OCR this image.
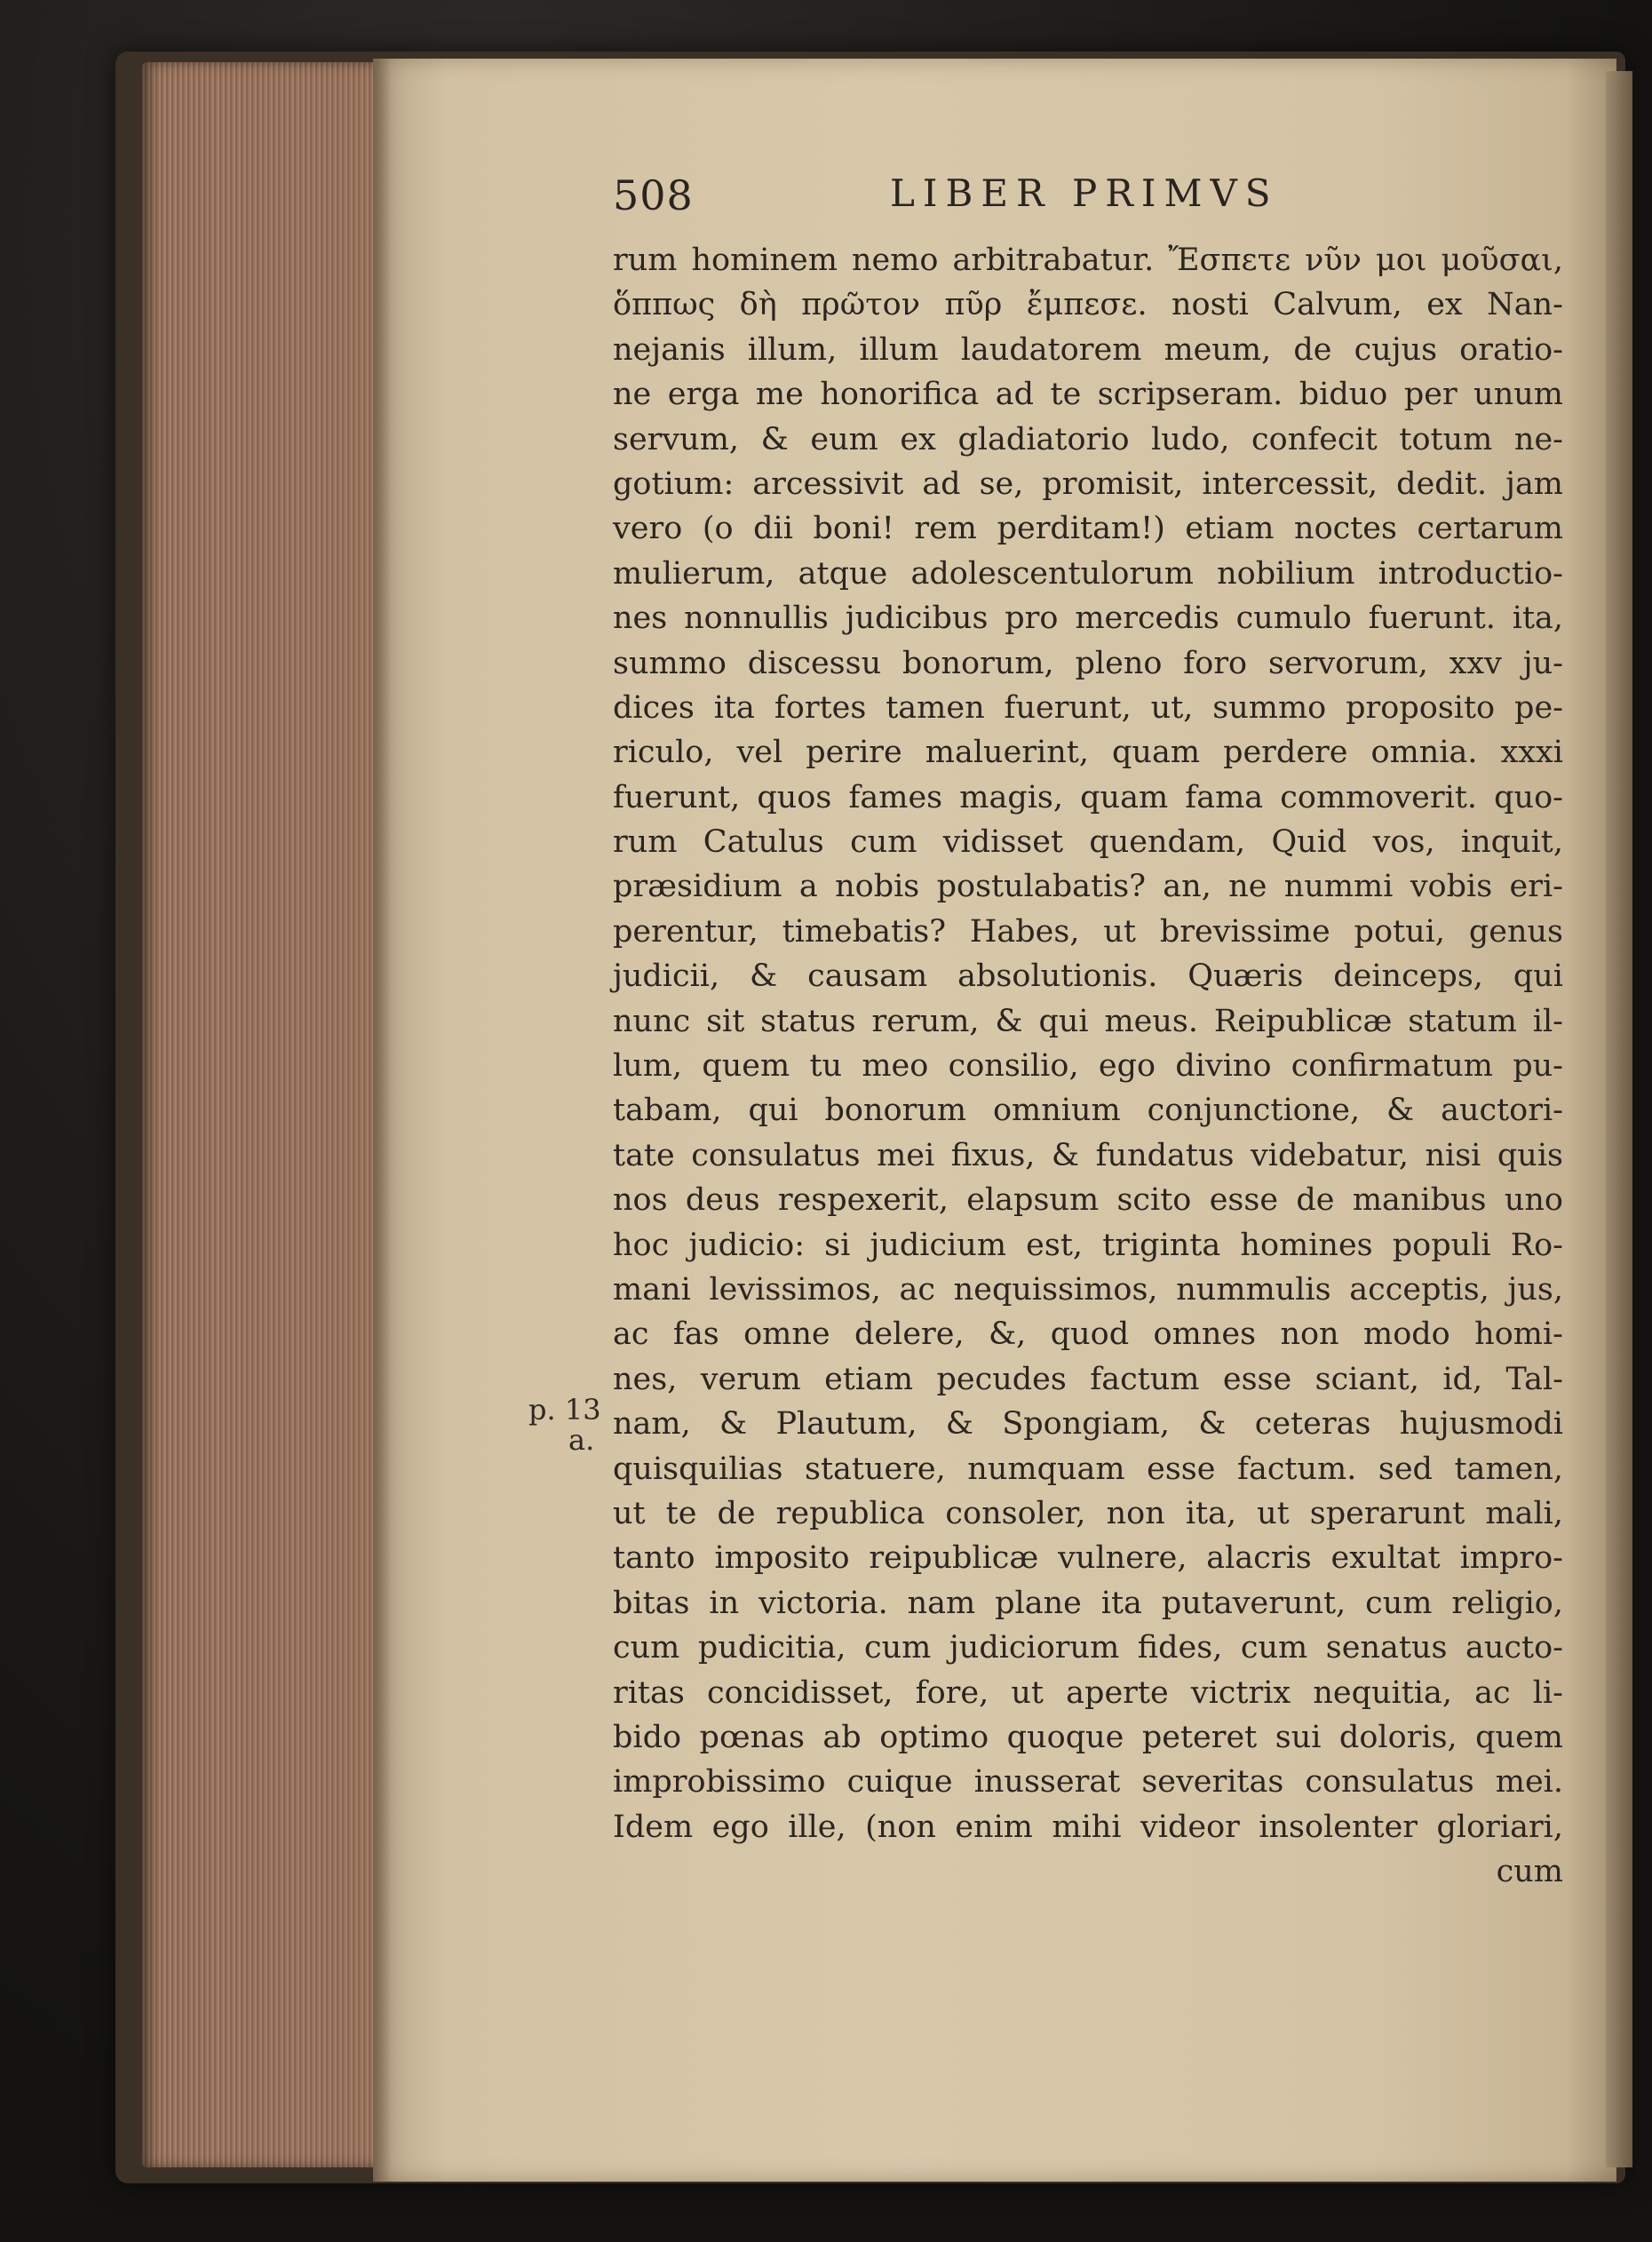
508	LIBER PRIMVS
p. 13
a.
rum hominem nemo arbitrabatur. Ἔσπετε νῦν μοι μοῦσαι,
ὅππως δὴ πρῶτον πῦρ ἔμπεσε. nosti Calvum, ex Nan-
nejanis illum, illum laudatorem meum, de cujus oratio-
ne erga me honorifica ad te scripseram. biduo per unum
servum, & eum ex gladiatorio ludo, confecit totum ne-
gotium: arcessivit ad se, promisit, intercessit, dedit. jam
vero (o dii boni! rem perditam!) etiam noctes certarum
mulierum, atque adolescentulorum nobilium introductio-
nes nonnullis judicibus pro mercedis cumulo fuerunt. ita,
summo discessu bonorum, pleno foro servorum, xxv ju-
dices ita fortes tamen fuerunt, ut, summo proposito pe-
riculo, vel perire maluerint, quam perdere omnia. xxxi
fuerunt, quos fames magis, quam fama commoverit. quo-
rum Catulus cum vidisset quendam, Quid vos, inquit,
præsidium a nobis postulabatis? an, ne nummi vobis eri-
perentur, timebatis? Habes, ut brevissime potui, genus
judicii, & causam absolutionis. Quæris deinceps, qui
nunc sit status rerum, & qui meus. Reipublicæ statum il-
lum, quem tu meo consilio, ego divino confirmatum pu-
tabam, qui bonorum omnium conjunctione, & auctori-
tate consulatus mei fixus, & fundatus videbatur, nisi quis
nos deus respexerit, elapsum scito esse de manibus uno
hoc judicio: si judicium est, triginta homines populi Ro-
mani levissimos, ac nequissimos, nummulis acceptis, jus,
ac fas omne delere, &, quod omnes non modo homi-
nes, verum etiam pecudes factum esse sciant, id, Tal-
nam, & Plautum, & Spongiam, & ceteras hujusmodi
quisquilias statuere, numquam esse factum. sed tamen,
ut te de republica consoler, non ita, ut sperarunt mali,
tanto imposito reipublicæ vulnere, alacris exultat impro-
bitas in victoria. nam plane ita putaverunt, cum religio,
cum pudicitia, cum judiciorum fides, cum senatus aucto-
ritas concidisset, fore, ut aperte victrix nequitia, ac li-
bido pœnas ab optimo quoque peteret sui doloris, quem
improbissimo cuique inusserat severitas consulatus mei.
Idem ego ille, (non enim mihi videor insolenter gloriari,
cum
